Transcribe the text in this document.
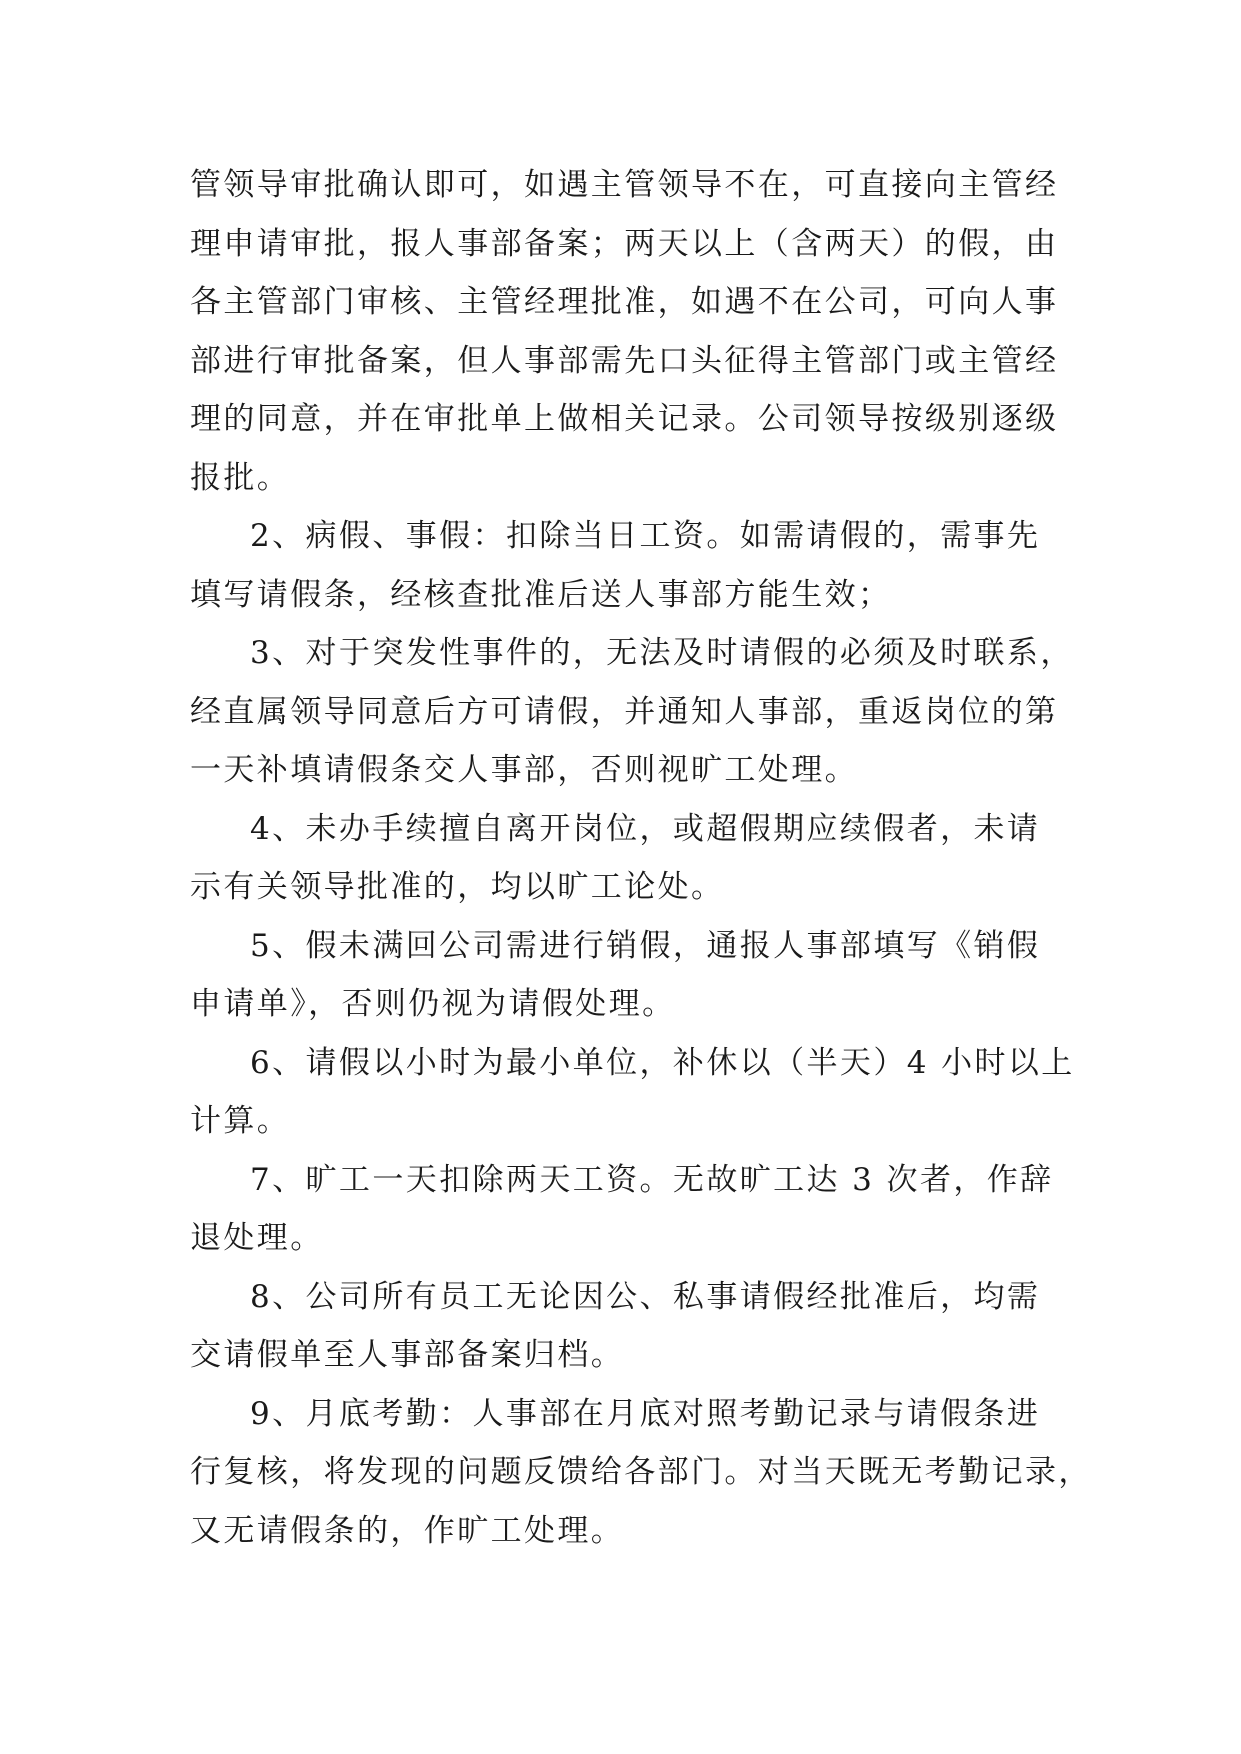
管领导审批确认即可，如遇主管领导不在，可直接向主管经
理申请审批，报人事部备案；两天以上（含两天）的假，由
各主管部门审核、主管经理批准，如遇不在公司，可向人事
部进行审批备案，但人事部需先口头征得主管部门或主管经
理的同意，并在审批单上做相关记录。公司领导按级别逐级
报批。
2、病假、事假：扣除当日工资。如需请假的，需事先
填写请假条，经核查批准后送人事部方能生效；
3、对于突发性事件的，无法及时请假的必须及时联系，
经直属领导同意后方可请假，并通知人事部，重返岗位的第
一天补填请假条交人事部，否则视旷工处理。
4、未办手续擅自离开岗位，或超假期应续假者，未请
示有关领导批准的，均以旷工论处。
5、假未满回公司需进行销假，通报人事部填写《销假
申请单》，否则仍视为请假处理。
6、请假以小时为最小单位，补休以（半天）4 小时以上
计算。
7、旷工一天扣除两天工资。无故旷工达 3 次者，作辞
退处理。
8、公司所有员工无论因公、私事请假经批准后，均需
交请假单至人事部备案归档。
9、月底考勤：人事部在月底对照考勤记录与请假条进
行复核，将发现的问题反馈给各部门。对当天既无考勤记录，
又无请假条的，作旷工处理。
